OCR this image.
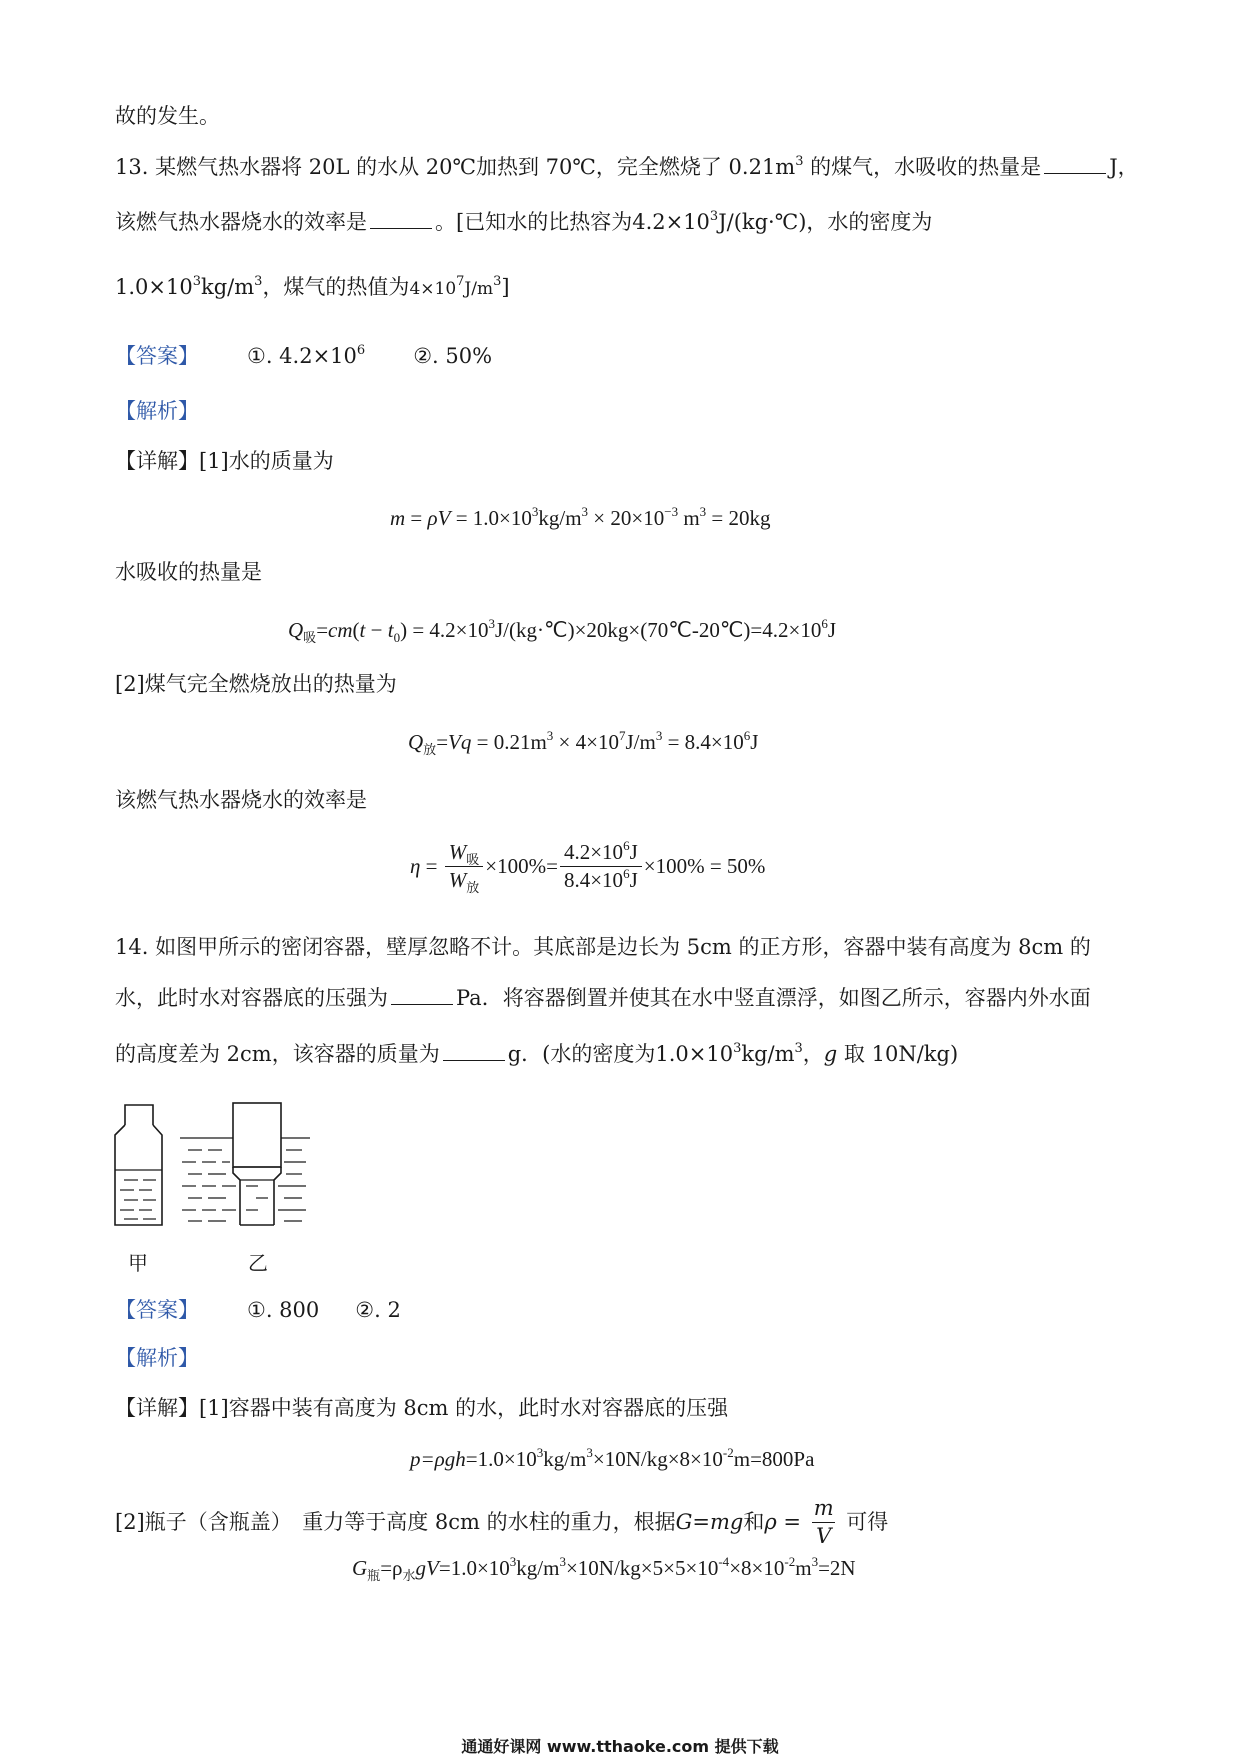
故的发生。
13. 某燃气热水器将 20L 的水从 20℃加热到 70℃，完全燃烧了 $0.21m^3$ 的煤气，水吸收的热量是	J，
该燃气热水器烧水的效率是	。[已知水的比热容为$4.2\times 10^3J/(kg\cdot℃)$，水的密度为
$1.0\times 10^3kg/m^3$，煤气的热值为$4\times 10^7J/m^3$]
【答案】 ①. $4.2\times 10^6$ ②. 50%
【解析】
【详解】[1]水的质量为
$m = \rho V = 1.0\times 10^3kg/m^3 \times 20\times 10^{-3}$ $m^3 = 20kg$
水吸收的热量是
$Q_吸=cm(t - t_0)$ = $4.2\times 10^3J/(kg\cdot℃)\times 20kg\times(70℃-20℃)=4.2\times 10^6J$
[2]煤气完全燃烧放出的热量为
$Q_放=Vq = 0.21m^3 \times 4\times 10^7J/m^3 = 8.4\times 10^6J$
该燃气热水器烧水的效率是
$\eta = \frac{W_吸}{W_放} \times 100\%= \frac{4.2\times 10^6J}{8.4\times 10^6J} \times 100\% = 50\%$
14. 如图甲所示的密闭容器，壁厚忽略不计。其底部是边长为 5cm 的正方形，容器中装有高度为 8cm 的
水，此时水对容器底的压强为	Pa．将容器倒置并使其在水中竖直漂浮，如图乙所示，容器内外水面
的高度差为 2cm，该容器的质量为	g．(水的密度为$1.0\times 10^3kg/m^3$，g 取 10N/kg)
甲	乙
【答案】 ①. 800 ②. 2
【解析】
【详解】[1]容器中装有高度为 8cm 的水，此时水对容器底的压强
$p=\rho gh=1.0\times 10^3kg/m^3\times 10N/kg\times 8\times 10^{-2}m=800Pa$
[2]瓶子（含瓶盖）　重力等于高度 8cm 的水柱的重力，根据 G=mg 和 $\rho = \frac{m}{V}$
可得
$G_瓶=\rho_水gV=1.0\times 10^3kg/m^3\times 10N/kg\times 5\times 5\times 10^{-4}\times 8\times 10^{-2}m^3=2N$
通通好课网 www.tthaoke.com 提供下载
